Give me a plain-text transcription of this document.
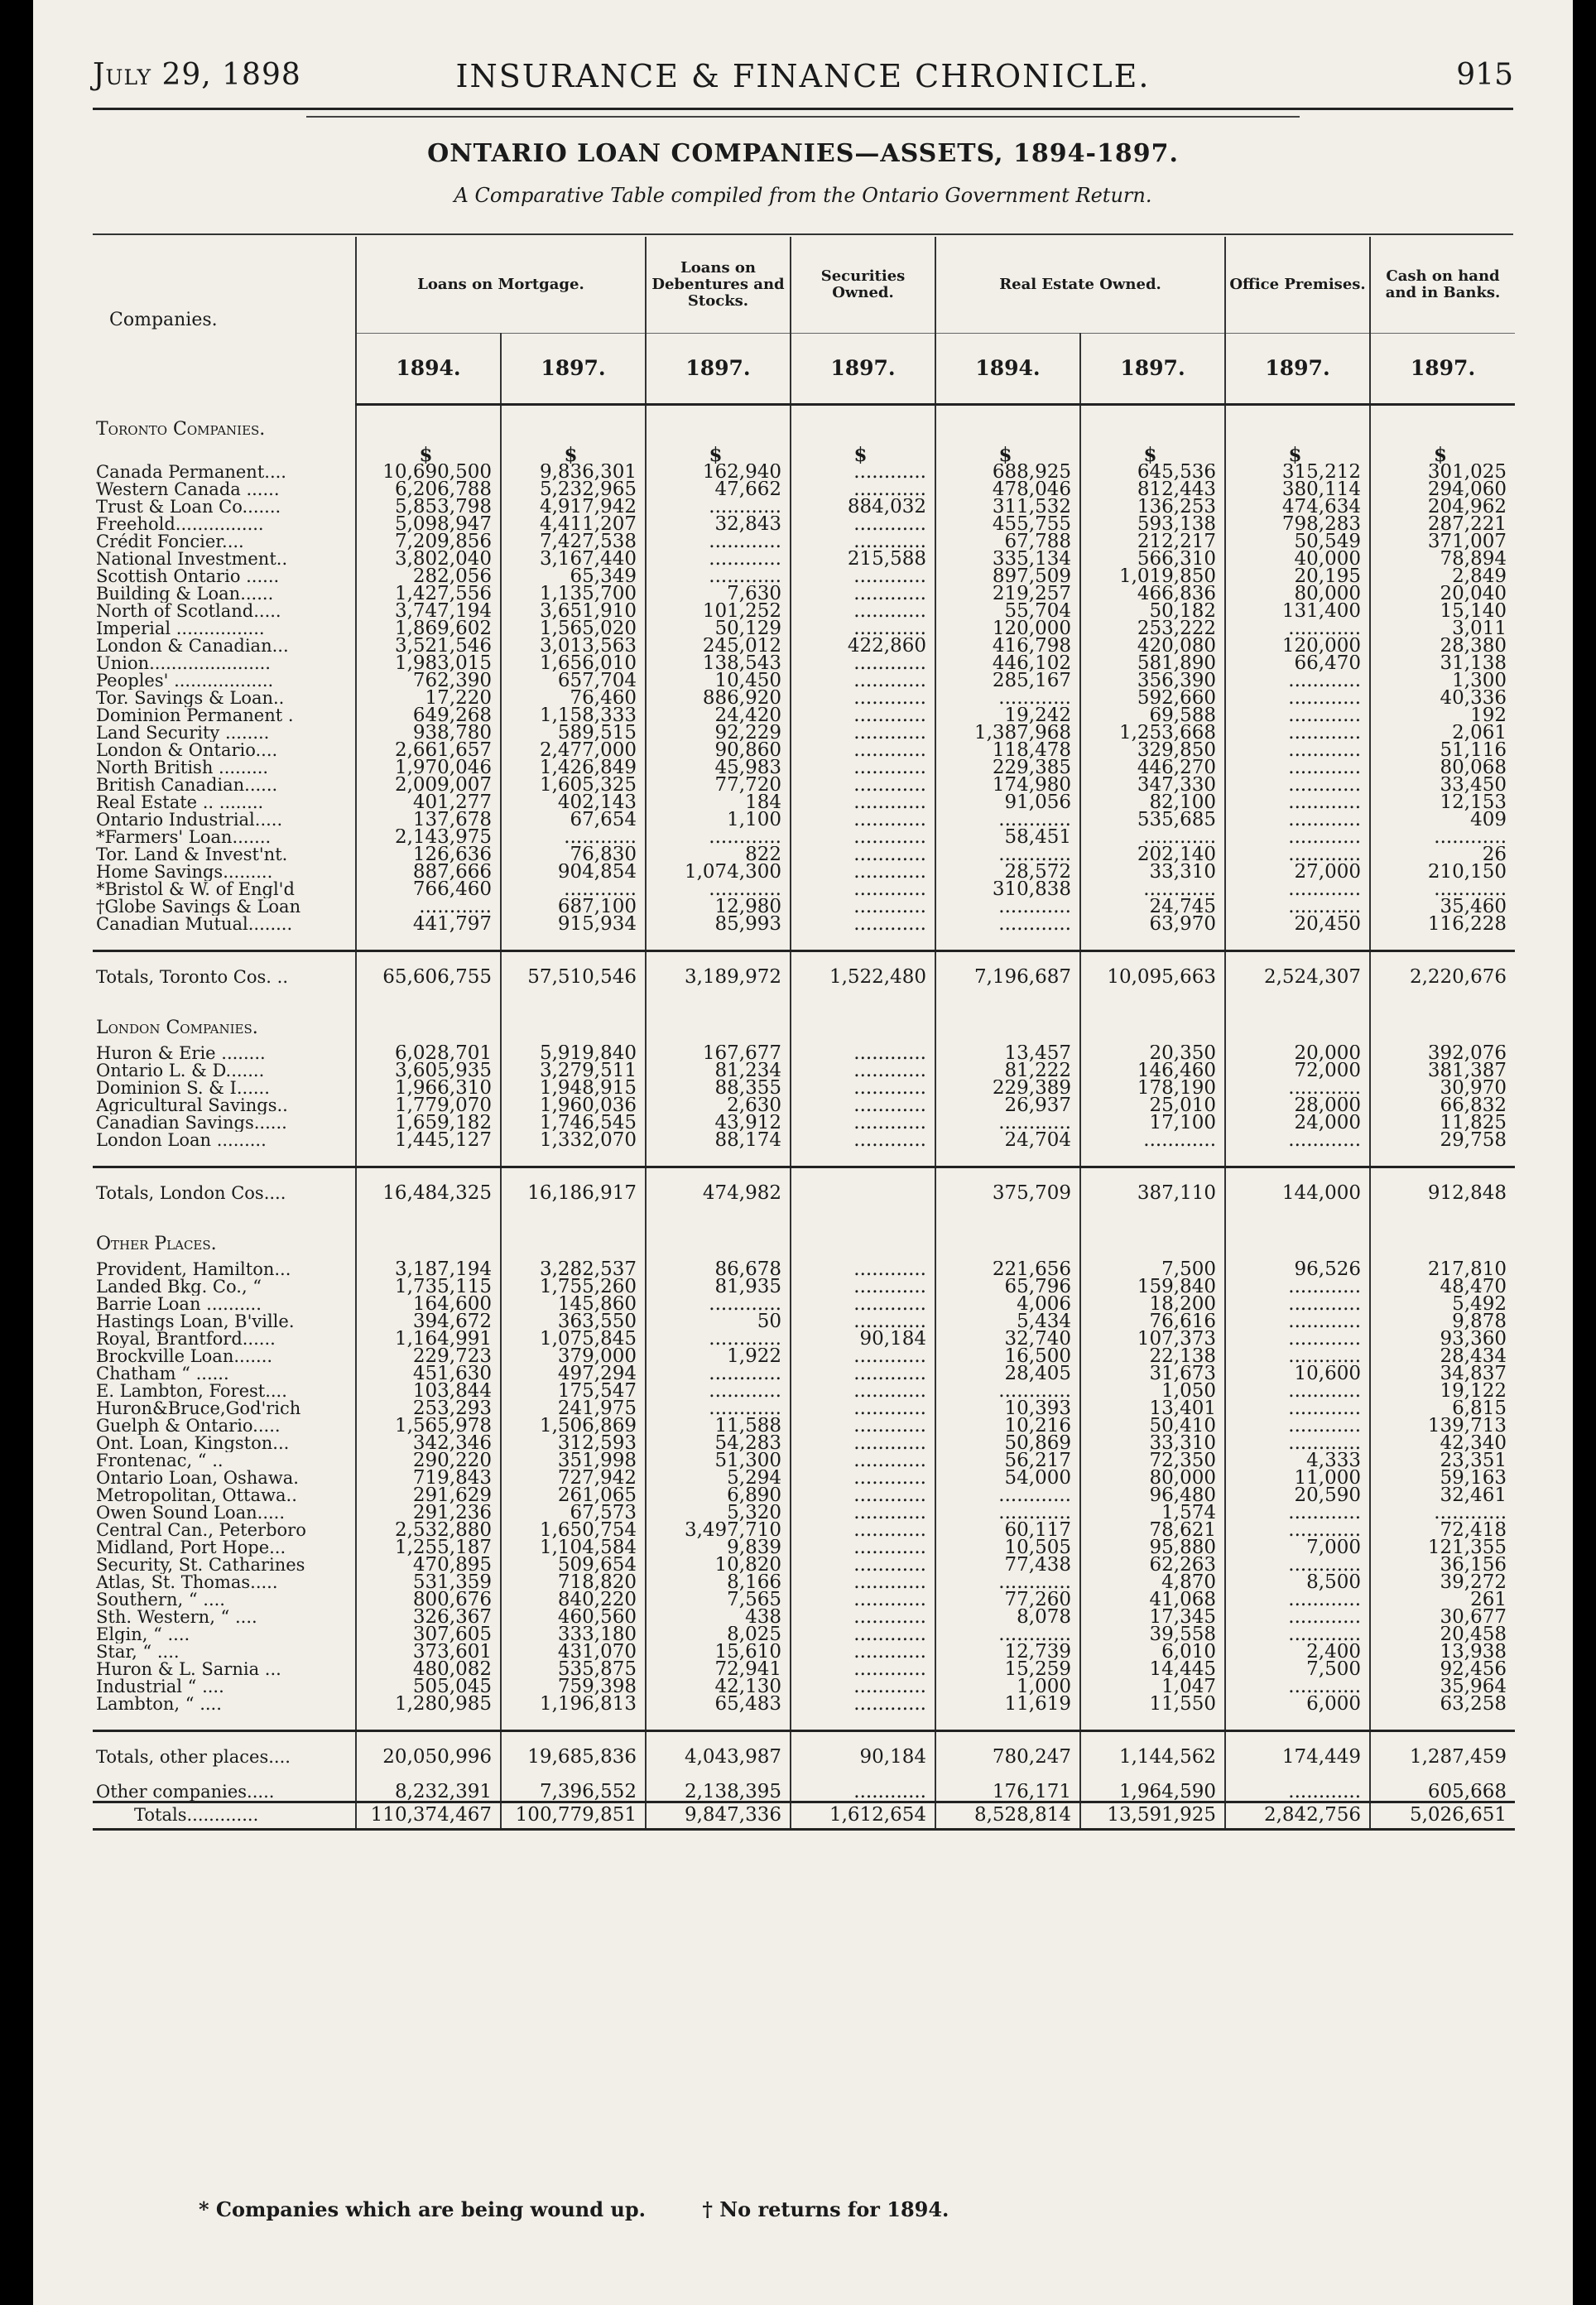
July 29, 1898	INSURANCE & FINANCE CHRONICLE.	915
ONTARIO LOAN COMPANIES—ASSETS, 1894-1897.
A Comparative Table compiled from the Ontario Government Return.
Companies.	Loans on Mortgage.		Loans on Debentures and Stocks.	Securities Owned.	Real Estate Owned.		Office Premises.	Cash on hand and in Banks.
	1894.	1897.	1897.	1897.	1894.	1897.	1897.	1897.
Toronto Companies.								
	$	$	$	$	$	$	$	$
Canada Permanent....	10,690,500	9,836,301	162,940	............	688,925	645,536	315,212	301,025
Western Canada ......	6,206,788	5,232,965	47,662	............	478,046	812,443	380,114	294,060
Trust & Loan Co.......	5,853,798	4,917,942	............	884,032	311,532	136,253	474,634	204,962
Freehold................	5,098,947	4,411,207	32,843	............	455,755	593,138	798,283	287,221
Crédit Foncier....	7,209,856	7,427,538	............	............	67,788	212,217	50,549	371,007
National Investment..	3,802,040	3,167,440	............	215,588	335,134	566,310	40,000	78,894
Scottish Ontario ......	282,056	65,349	............	............	897,509	1,019,850	20,195	2,849
Building & Loan......	1,427,556	1,135,700	7,630	............	219,257	466,836	80,000	20,040
North of Scotland.....	3,747,194	3,651,910	101,252	............	55,704	50,182	131,400	15,140
Imperial ................	1,869,602	1,565,020	50,129	............	120,000	253,222	............	3,011
London & Canadian...	3,521,546	3,013,563	245,012	422,860	416,798	420,080	120,000	28,380
Union......................	1,983,015	1,656,010	138,543	............	446,102	581,890	66,470	31,138
Peoples' ..................	762,390	657,704	10,450	............	285,167	356,390	............	1,300
Tor. Savings & Loan..	17,220	76,460	886,920	............	............	592,660	............	40,336
Dominion Permanent .	649,268	1,158,333	24,420	............	19,242	69,588	............	192
Land Security ........	938,780	589,515	92,229	............	1,387,968	1,253,668	............	2,061
London & Ontario....	2,661,657	2,477,000	90,860	............	118,478	329,850	............	51,116
North British .........	1,970,046	1,426,849	45,983	............	229,385	446,270	............	80,068
British Canadian......	2,009,007	1,605,325	77,720	............	174,980	347,330	............	33,450
Real Estate .. ........	401,277	402,143	184	............	91,056	82,100	............	12,153
Ontario Industrial.....	137,678	67,654	1,100	............	............	535,685	............	409
*Farmers' Loan.......	2,143,975	............	............	............	58,451	............	............	............
Tor. Land & Invest'nt.	126,636	76,830	822	............	............	202,140	............	26
Home Savings.........	887,666	904,854	1,074,300	............	28,572	33,310	27,000	210,150
*Bristol & W. of Engl'd	766,460	............	............	............	310,838	............	............	............
†Globe Savings & Loan	............	687,100	12,980	............	............	24,745	............	35,460
Canadian Mutual........	441,797	915,934	85,993	............	............	63,970	20,450	116,228

Totals, Toronto Cos. ..	65,606,755	57,510,546	3,189,972	1,522,480	7,196,687	10,095,663	2,524,307	2,220,676
London Companies.								
Huron & Erie ........	6,028,701	5,919,840	167,677	............	13,457	20,350	20,000	392,076
Ontario L. & D.......	3,605,935	3,279,511	81,234	............	81,222	146,460	72,000	381,387
Dominion S. & I......	1,966,310	1,948,915	88,355	............	229,389	178,190	............	30,970
Agricultural Savings..	1,779,070	1,960,036	2,630	............	26,937	25,010	28,000	66,832
Canadian Savings......	1,659,182	1,746,545	43,912	............	............	17,100	24,000	11,825
London Loan .........	1,445,127	1,332,070	88,174	............	24,704	............	............	29,758

Totals, London Cos....	16,484,325	16,186,917	474,982		375,709	387,110	144,000	912,848
Other Places.								
Provident, Hamilton...	3,187,194	3,282,537	86,678	............	221,656	7,500	96,526	217,810
Landed Bkg. Co., “	1,735,115	1,755,260	81,935	............	65,796	159,840	............	48,470
Barrie Loan ..........	164,600	145,860	............	............	4,006	18,200	............	5,492
Hastings Loan, B'ville.	394,672	363,550	50	............	5,434	76,616	............	9,878
Royal, Brantford......	1,164,991	1,075,845	............	90,184	32,740	107,373	............	93,360
Brockville Loan.......	229,723	379,000	1,922	............	16,500	22,138	............	28,434
Chatham “ ......	451,630	497,294	............	............	28,405	31,673	10,600	34,837
E. Lambton, Forest....	103,844	175,547	............	............	............	1,050	............	19,122
Huron&Bruce,God'rich	253,293	241,975	............	............	10,393	13,401	............	6,815
Guelph & Ontario.....	1,565,978	1,506,869	11,588	............	10,216	50,410	............	139,713
Ont. Loan, Kingston...	342,346	312,593	54,283	............	50,869	33,310	............	42,340
Frontenac, “ ..	290,220	351,998	51,300	............	56,217	72,350	4,333	23,351
Ontario Loan, Oshawa.	719,843	727,942	5,294	............	54,000	80,000	11,000	59,163
Metropolitan, Ottawa..	291,629	261,065	6,890	............	............	96,480	20,590	32,461
Owen Sound Loan.....	291,236	67,573	5,320	............	............	1,574	............	............
Central Can., Peterboro	2,532,880	1,650,754	3,497,710	............	60,117	78,621	............	72,418
Midland, Port Hope...	1,255,187	1,104,584	9,839	............	10,505	95,880	7,000	121,355
Security, St. Catharines	470,895	509,654	10,820	............	77,438	62,263	............	36,156
Atlas, St. Thomas.....	531,359	718,820	8,166	............	............	4,870	8,500	39,272
Southern, “ ....	800,676	840,220	7,565	............	77,260	41,068	............	261
Sth. Western, “ ....	326,367	460,560	438	............	8,078	17,345	............	30,677
Elgin, “ ....	307,605	333,180	8,025	............	............	39,558	............	20,458
Star, “ ....	373,601	431,070	15,610	............	12,739	6,010	2,400	13,938
Huron & L. Sarnia ...	480,082	535,875	72,941	............	15,259	14,445	7,500	92,456
Industrial “ ....	505,045	759,398	42,130	............	1,000	1,047	............	35,964
Lambton, “ ....	1,280,985	1,196,813	65,483	............	11,619	11,550	6,000	63,258

Totals, other places....	20,050,996	19,685,836	4,043,987	90,184	780,247	1,144,562	174,449	1,287,459
Other companies.....	8,232,391	7,396,552	2,138,395	............	176,171	1,964,590	............	605,668
Totals.............	110,374,467	100,779,851	9,847,336	1,612,654	8,528,814	13,591,925	2,842,756	5,026,651
* Companies which are being wound up.	† No returns for 1894.
